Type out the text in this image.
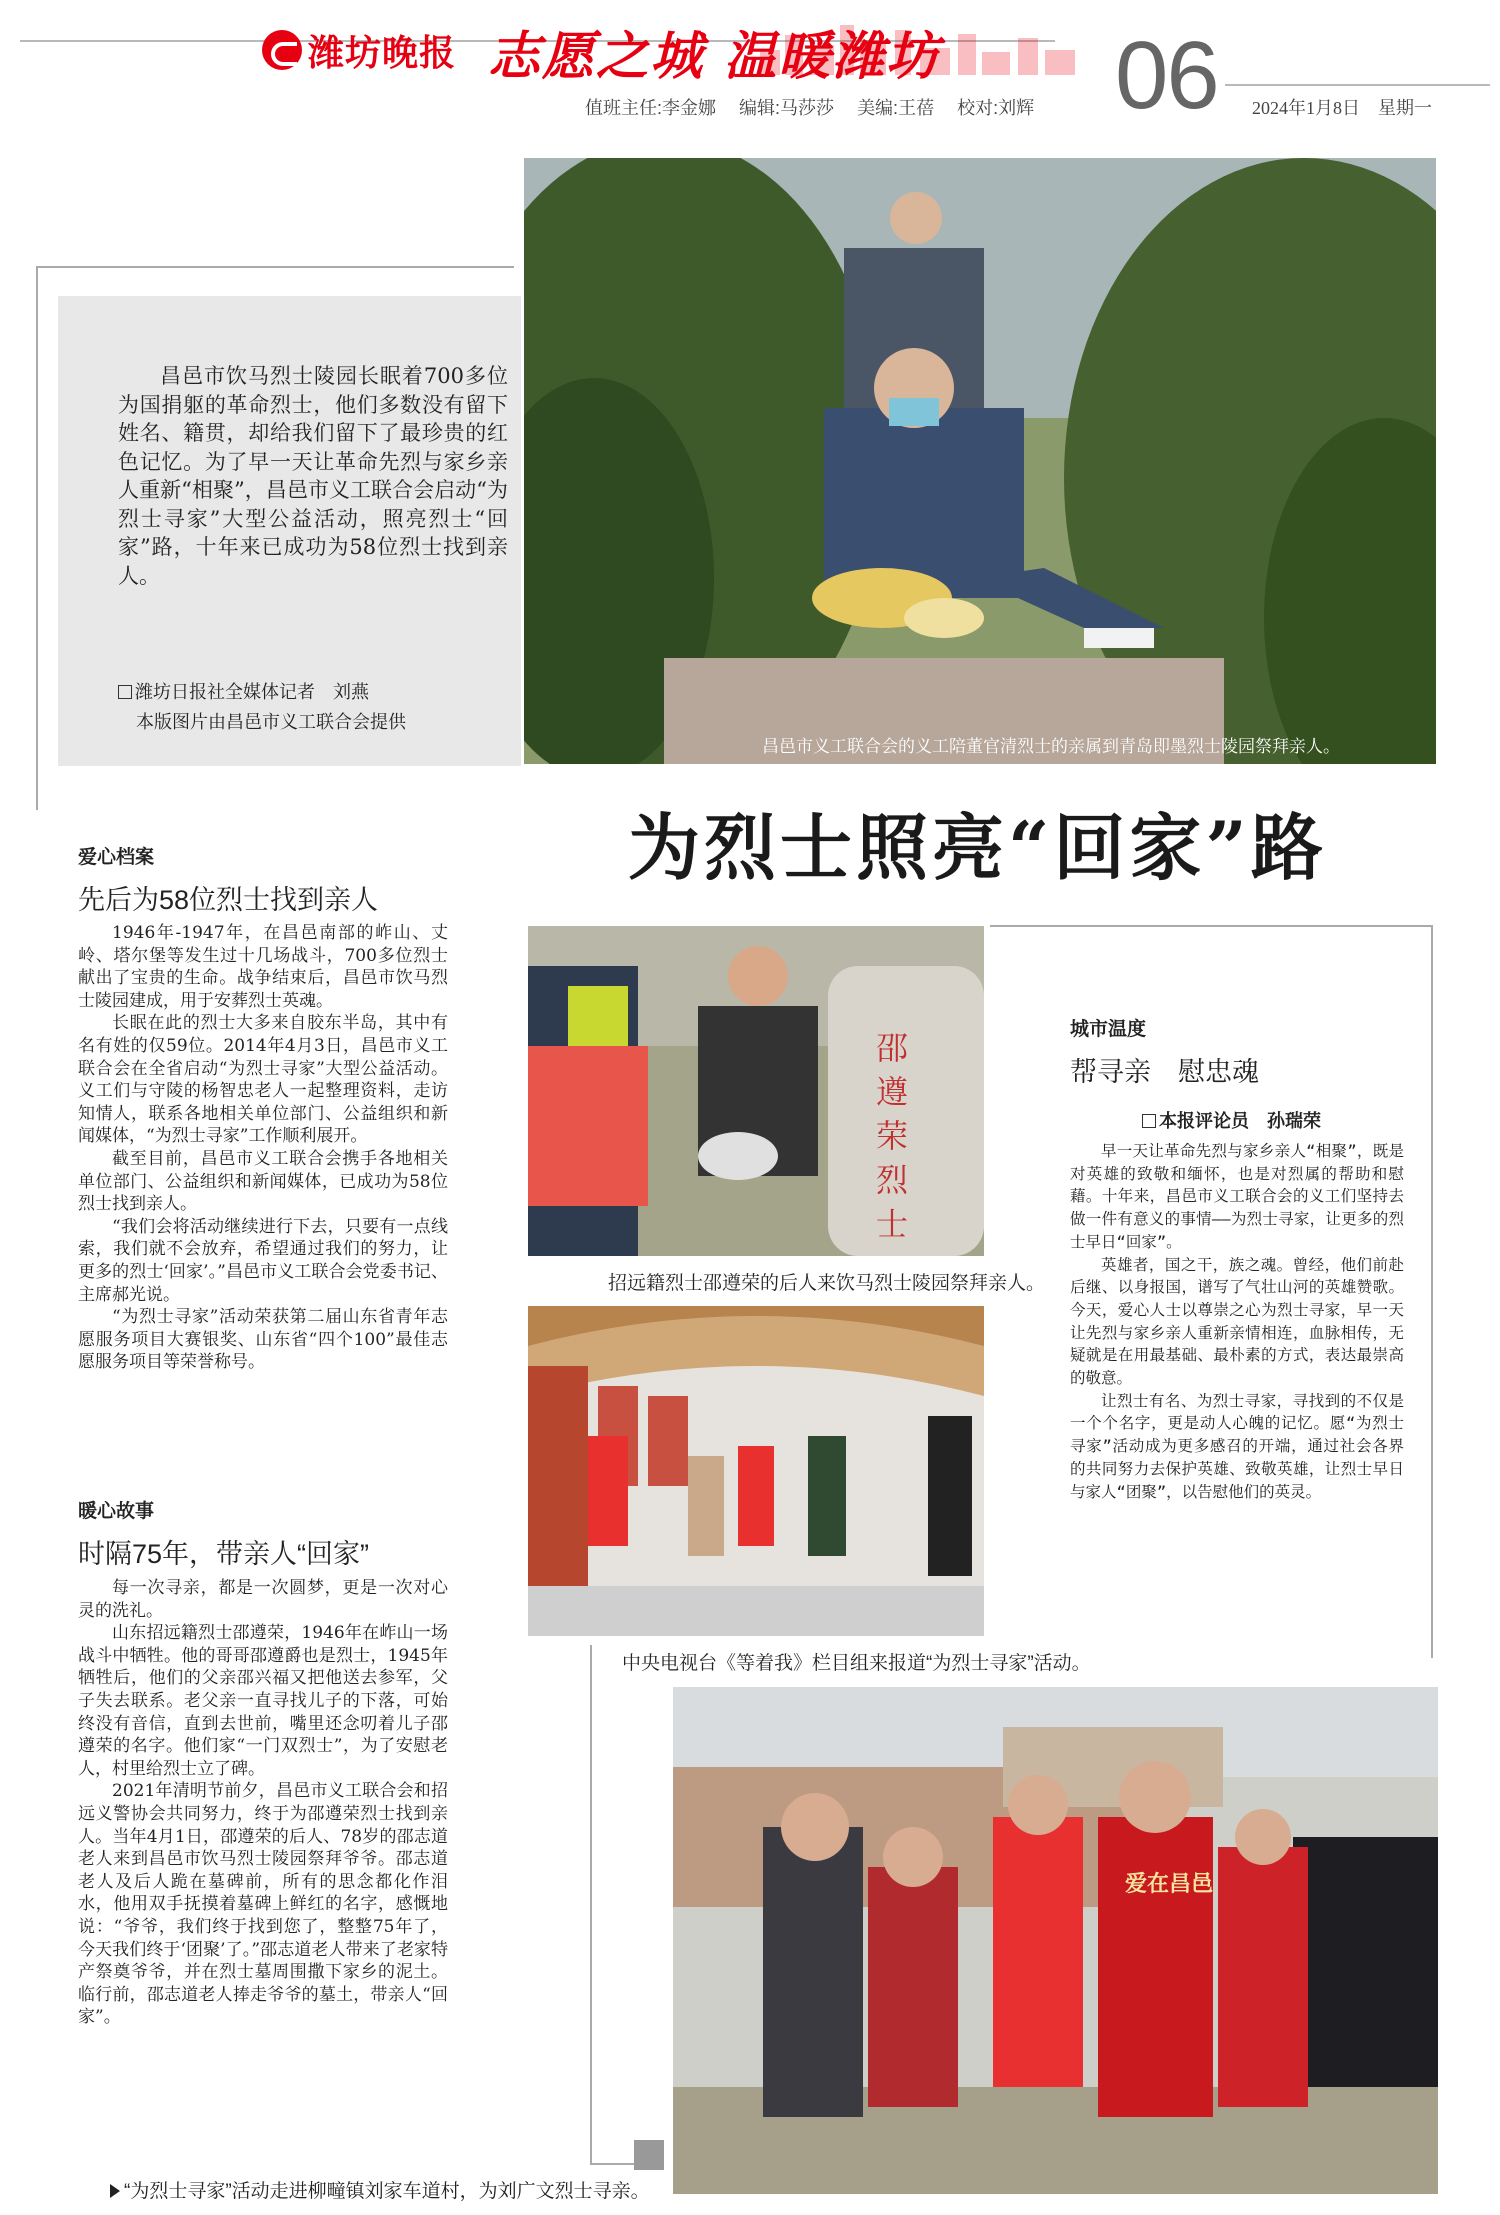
潍坊晚报 志愿之城 温暖潍坊 06
值班主任:李金娜 编辑:马莎莎 美编:王蓓 校对:刘辉	2024年1月8日　星期一
昌邑市饮马烈士陵园长眠着700多位为国捐躯的革命烈士，他们多数没有留下姓名、籍贯，却给我们留下了最珍贵的红色记忆。为了早一天让革命先烈与家乡亲人重新“相聚”，昌邑市义工联合会启动“为烈士寻家”大型公益活动，照亮烈士“回家”路，十年来已成功为58位烈士找到亲人。
潍坊日报社全媒体记者　刘燕
本版图片由昌邑市义工联合会提供
昌邑市义工联合会的义工陪董官清烈士的亲属到青岛即墨烈士陵园祭拜亲人。
为烈士照亮“回家”路
爱心档案
先后为58位烈士找到亲人

1946年-1947年，在昌邑南部的岞山、丈岭、塔尔堡等发生过十几场战斗，700多位烈士献出了宝贵的生命。战争结束后，昌邑市饮马烈士陵园建成，用于安葬烈士英魂。

长眠在此的烈士大多来自胶东半岛，其中有名有姓的仅59位。2014年4月3日，昌邑市义工联合会在全省启动“为烈士寻家”大型公益活动。义工们与守陵的杨智忠老人一起整理资料，走访知情人，联系各地相关单位部门、公益组织和新闻媒体，“为烈士寻家”工作顺利展开。

截至目前，昌邑市义工联合会携手各地相关单位部门、公益组织和新闻媒体，已成功为58位烈士找到亲人。

“我们会将活动继续进行下去，只要有一点线索，我们就不会放弃，希望通过我们的努力，让更多的烈士‘回家’。”昌邑市义工联合会党委书记、主席郝光说。

“为烈士寻家”活动荣获第二届山东省青年志愿服务项目大赛银奖、山东省“四个100”最佳志愿服务项目等荣誉称号。

暖心故事
时隔75年，带亲人“回家”

每一次寻亲，都是一次圆梦，更是一次对心灵的洗礼。

山东招远籍烈士邵遵荣，1946年在岞山一场战斗中牺牲。他的哥哥邵遵爵也是烈士，1945年牺牲后，他们的父亲邵兴福又把他送去参军，父子失去联系。老父亲一直寻找儿子的下落，可始终没有音信，直到去世前，嘴里还念叨着儿子邵遵荣的名字。他们家“一门双烈士”，为了安慰老人，村里给烈士立了碑。

2021年清明节前夕，昌邑市义工联合会和招远义警协会共同努力，终于为邵遵荣烈士找到亲人。当年4月1日，邵遵荣的后人、78岁的邵志道老人来到昌邑市饮马烈士陵园祭拜爷爷。邵志道老人及后人跪在墓碑前，所有的思念都化作泪水，他用双手抚摸着墓碑上鲜红的名字，感慨地说：“爷爷，我们终于找到您了，整整75年了，今天我们终于‘团聚’了。”邵志道老人带来了老家特产祭奠爷爷，并在烈士墓周围撒下家乡的泥土。临行前，邵志道老人捧走爷爷的墓土，带亲人“回家”。

邵遵荣烈士
招远籍烈士邵遵荣的后人来饮马烈士陵园祭拜亲人。
中央电视台《等着我》栏目组来报道“为烈士寻家”活动。
城市温度
帮寻亲　慰忠魂
本报评论员　孙瑞荣

早一天让革命先烈与家乡亲人“相聚”，既是对英雄的致敬和缅怀，也是对烈属的帮助和慰藉。十年来，昌邑市义工联合会的义工们坚持去做一件有意义的事情——为烈士寻家，让更多的烈士早日“回家”。

英雄者，国之干，族之魂。曾经，他们前赴后继、以身报国，谱写了气壮山河的英雄赞歌。今天，爱心人士以尊崇之心为烈士寻家，早一天让先烈与家乡亲人重新亲情相连，血脉相传，无疑就是在用最基础、最朴素的方式，表达最崇高的敬意。

让烈士有名、为烈士寻家，寻找到的不仅是一个个名字，更是动人心魄的记忆。愿“为烈士寻家”活动成为更多感召的开端，通过社会各界的共同努力去保护英雄、致敬英雄，让烈士早日与家人“团聚”，以告慰他们的英灵。

爱在昌邑
“为烈士寻家”活动走进柳疃镇刘家车道村，为刘广文烈士寻亲。
